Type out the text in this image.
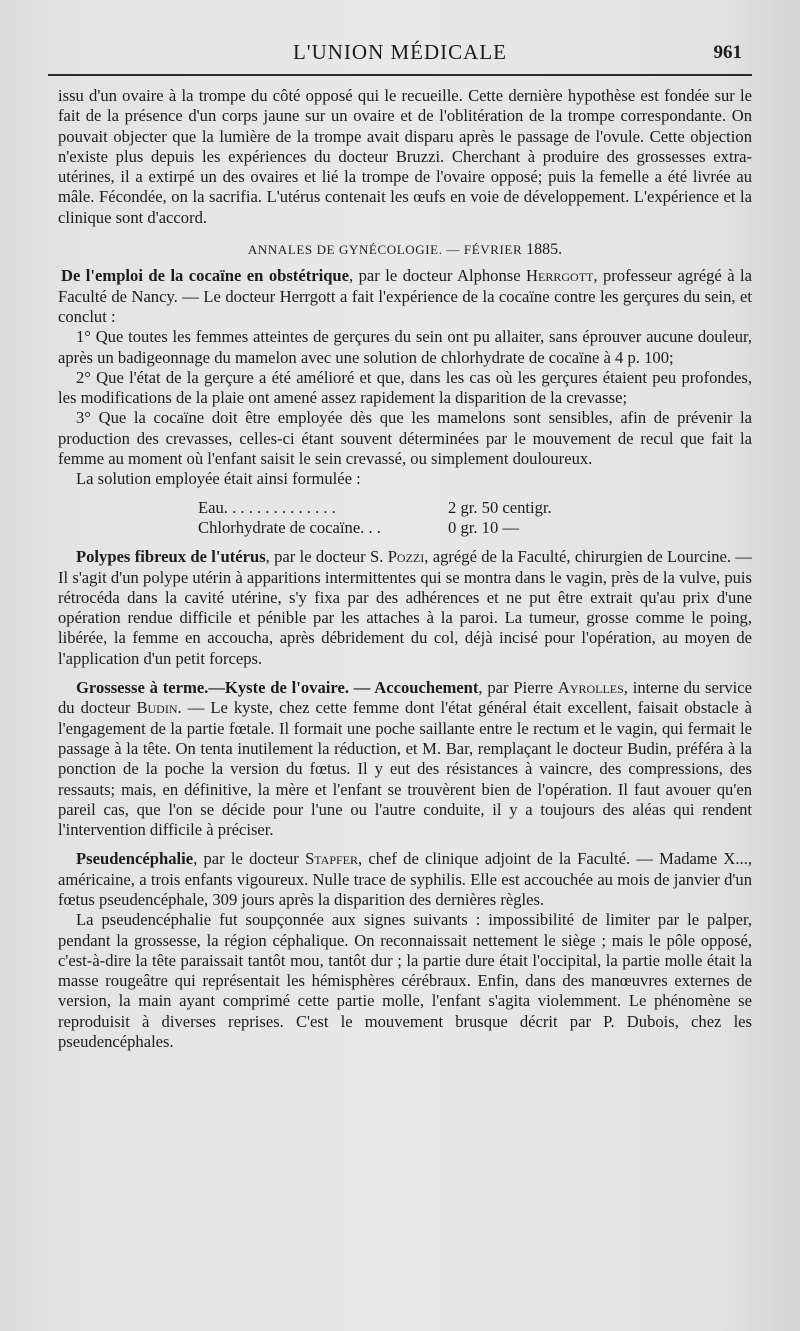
L'UNION MÉDICALE	961

issu d'un ovaire à la trompe du côté opposé qui le recueille. Cette dernière hypothèse est fondée sur le fait de la présence d'un corps jaune sur un ovaire et de l'oblitération de la trompe correspondante. On pouvait objecter que la lumière de la trompe avait disparu après le passage de l'ovule. Cette objection n'existe plus depuis les expériences du docteur Bruzzi. Cherchant à produire des grossesses extra-utérines, il a extirpé un des ovaires et lié la trompe de l'ovaire opposé; puis la femelle a été livrée au mâle. Fécondée, on la sacrifia. L'utérus contenait les œufs en voie de développement. L'expérience et la clinique sont d'accord.

ANNALES DE GYNÉCOLOGIE. — FÉVRIER 1885.

De l'emploi de la cocaïne en obstétrique, par le docteur Alphonse Herrgott, professeur agrégé à la Faculté de Nancy. — Le docteur Herrgott a fait l'expérience de la cocaïne contre les gerçures du sein, et conclut :

1° Que toutes les femmes atteintes de gerçures du sein ont pu allaiter, sans éprouver aucune douleur, après un badigeonnage du mamelon avec une solution de chlorhydrate de cocaïne à 4 p. 100;

2° Que l'état de la gerçure a été amélioré et que, dans les cas où les gerçures étaient peu profondes, les modifications de la plaie ont amené assez rapidement la disparition de la crevasse;

3° Que la cocaïne doit être employée dès que les mamelons sont sensibles, afin de prévenir la production des crevasses, celles-ci étant souvent déterminées par le mouvement de recul que fait la femme au moment où l'enfant saisit le sein crevassé, ou simplement douloureux.

La solution employée était ainsi formulée :

Eau. . . . . . . . . . . . . .	2 gr. 50 centigr.
Chlorhydrate de cocaïne. . .	0 gr. 10 —

Polypes fibreux de l'utérus, par le docteur S. Pozzi, agrégé de la Faculté, chirurgien de Lourcine. — Il s'agit d'un polype utérin à apparitions intermittentes qui se montra dans le vagin, près de la vulve, puis rétrocéda dans la cavité utérine, s'y fixa par des adhérences et ne put être extrait qu'au prix d'une opération rendue difficile et pénible par les attaches à la paroi. La tumeur, grosse comme le poing, libérée, la femme en accoucha, après débridement du col, déjà incisé pour l'opération, au moyen de l'application d'un petit forceps.

Grossesse à terme.—Kyste de l'ovaire. — Accouchement, par Pierre Ayrolles, interne du service du docteur Budin. — Le kyste, chez cette femme dont l'état général était excellent, faisait obstacle à l'engagement de la partie fœtale. Il formait une poche saillante entre le rectum et le vagin, qui fermait le passage à la tête. On tenta inutilement la réduction, et M. Bar, remplaçant le docteur Budin, préféra à la ponction de la poche la version du fœtus. Il y eut des résistances à vaincre, des compressions, des ressauts; mais, en définitive, la mère et l'enfant se trouvèrent bien de l'opération. Il faut avouer qu'en pareil cas, que l'on se décide pour l'une ou l'autre conduite, il y a toujours des aléas qui rendent l'intervention difficile à préciser.

Pseudencéphalie, par le docteur Stapfer, chef de clinique adjoint de la Faculté. — Madame X..., américaine, a trois enfants vigoureux. Nulle trace de syphilis. Elle est accouchée au mois de janvier d'un fœtus pseudencéphale, 309 jours après la disparition des dernières règles.

La pseudencéphalie fut soupçonnée aux signes suivants : impossibilité de limiter par le palper, pendant la grossesse, la région céphalique. On reconnaissait nettement le siège ; mais le pôle opposé, c'est-à-dire la tête paraissait tantôt mou, tantôt dur ; la partie dure était l'occipital, la partie molle était la masse rougeâtre qui représentait les hémisphères cérébraux. Enfin, dans des manœuvres externes de version, la main ayant comprimé cette partie molle, l'enfant s'agita violemment. Le phénomène se reproduisit à diverses reprises. C'est le mouvement brusque décrit par P. Dubois, chez les pseudencéphales.
